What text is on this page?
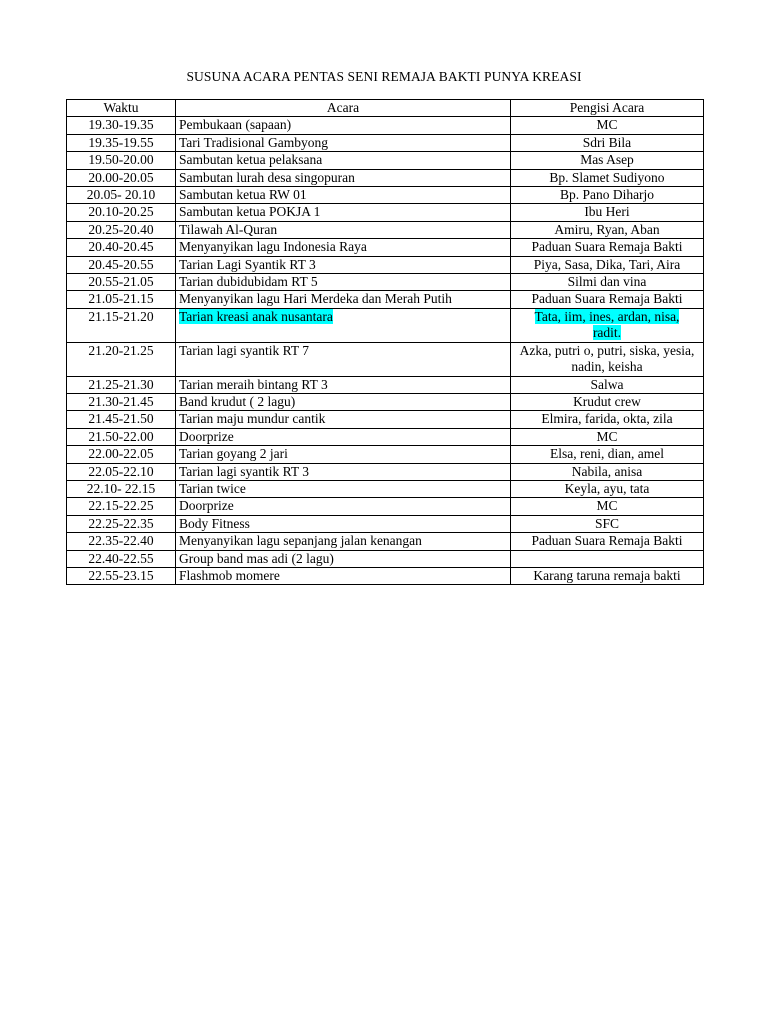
SUSUNA ACARA PENTAS SENI REMAJA BAKTI PUNYA KREASI
Waktu	Acara	Pengisi Acara
19.30-19.35	Pembukaan (sapaan)	MC
19.35-19.55	Tari Tradisional Gambyong	Sdri Bila
19.50-20.00	Sambutan ketua pelaksana	Mas Asep
20.00-20.05	Sambutan lurah desa singopuran	Bp. Slamet Sudiyono
20.05- 20.10	Sambutan ketua RW 01	Bp. Pano Diharjo
20.10-20.25	Sambutan ketua POKJA 1	Ibu Heri
20.25-20.40	Tilawah Al-Quran	Amiru, Ryan, Aban
20.40-20.45	Menyanyikan lagu Indonesia Raya	Paduan Suara Remaja Bakti
20.45-20.55	Tarian Lagi Syantik RT 3	Piya, Sasa, Dika, Tari, Aira
20.55-21.05	Tarian dubidubidam RT 5	Silmi dan vina
21.05-21.15	Menyanyikan lagu Hari Merdeka dan Merah Putih	Paduan Suara Remaja Bakti
21.15-21.20	Tarian kreasi anak nusantara	Tata, iim, ines, ardan, nisa, radit.
21.20-21.25	Tarian lagi syantik RT 7	Azka, putri o, putri, siska, yesia, nadin, keisha
21.25-21.30	Tarian meraih bintang RT 3	Salwa
21.30-21.45	Band krudut ( 2 lagu)	Krudut crew
21.45-21.50	Tarian maju mundur cantik	Elmira, farida, okta, zila
21.50-22.00	Doorprize	MC
22.00-22.05	Tarian goyang 2 jari	Elsa, reni, dian, amel
22.05-22.10	Tarian lagi syantik RT 3	Nabila, anisa
22.10- 22.15	Tarian twice	Keyla, ayu, tata
22.15-22.25	Doorprize	MC
22.25-22.35	Body Fitness	SFC
22.35-22.40	Menyanyikan lagu sepanjang jalan kenangan	Paduan Suara Remaja Bakti
22.40-22.55	Group band mas adi (2 lagu)	
22.55-23.15	Flashmob momere	Karang taruna remaja bakti
